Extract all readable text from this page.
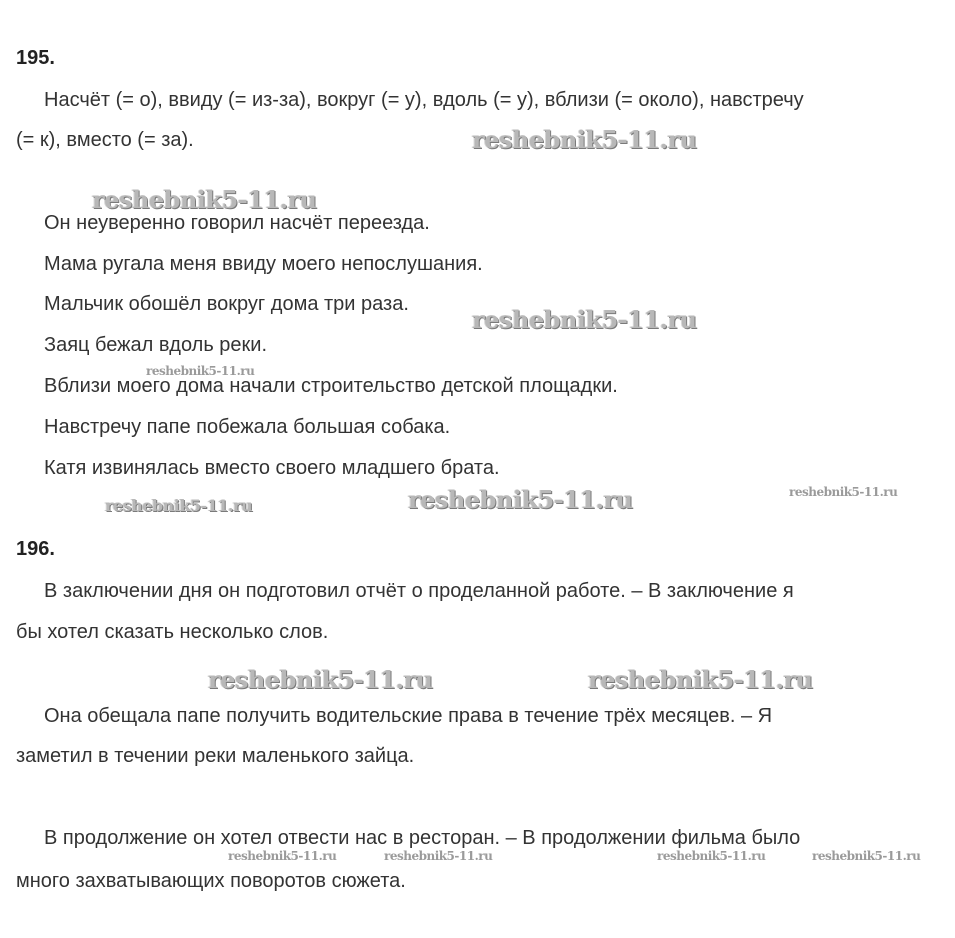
195.
Насчёт (= о), ввиду (= из-за), вокруг (= у), вдоль (= у), вблизи (= около), навстречу
(= к), вместо (= за).
Он неуверенно говорил насчёт переезда.
Мама ругала меня ввиду моего непослушания.
Мальчик обошёл вокруг дома три раза.
Заяц бежал вдоль реки.
Вблизи моего дома начали строительство детской площадки.
Навстречу папе побежала большая собака.
Катя извинялась вместо своего младшего брата.
196.
В заключении дня он подготовил отчёт о проделанной работе. – В заключение я
бы хотел сказать несколько слов.
Она обещала папе получить водительские права в течение трёх месяцев. – Я
заметил в течении реки маленького зайца.
В продолжение он хотел отвести нас в ресторан. – В продолжении фильма было
много захватывающих поворотов сюжета.
reshebnik5-11.ru
reshebnik5-11.ru
reshebnik5-11.ru
reshebnik5-11.ru
reshebnik5-11.ru	reshebnik5-11.ru	reshebnik5-11.ru
reshebnik5-11.ru	reshebnik5-11.ru
reshebnik5-11.ru	reshebnik5-11.ru	reshebnik5-11.ru	reshebnik5-11.ru
